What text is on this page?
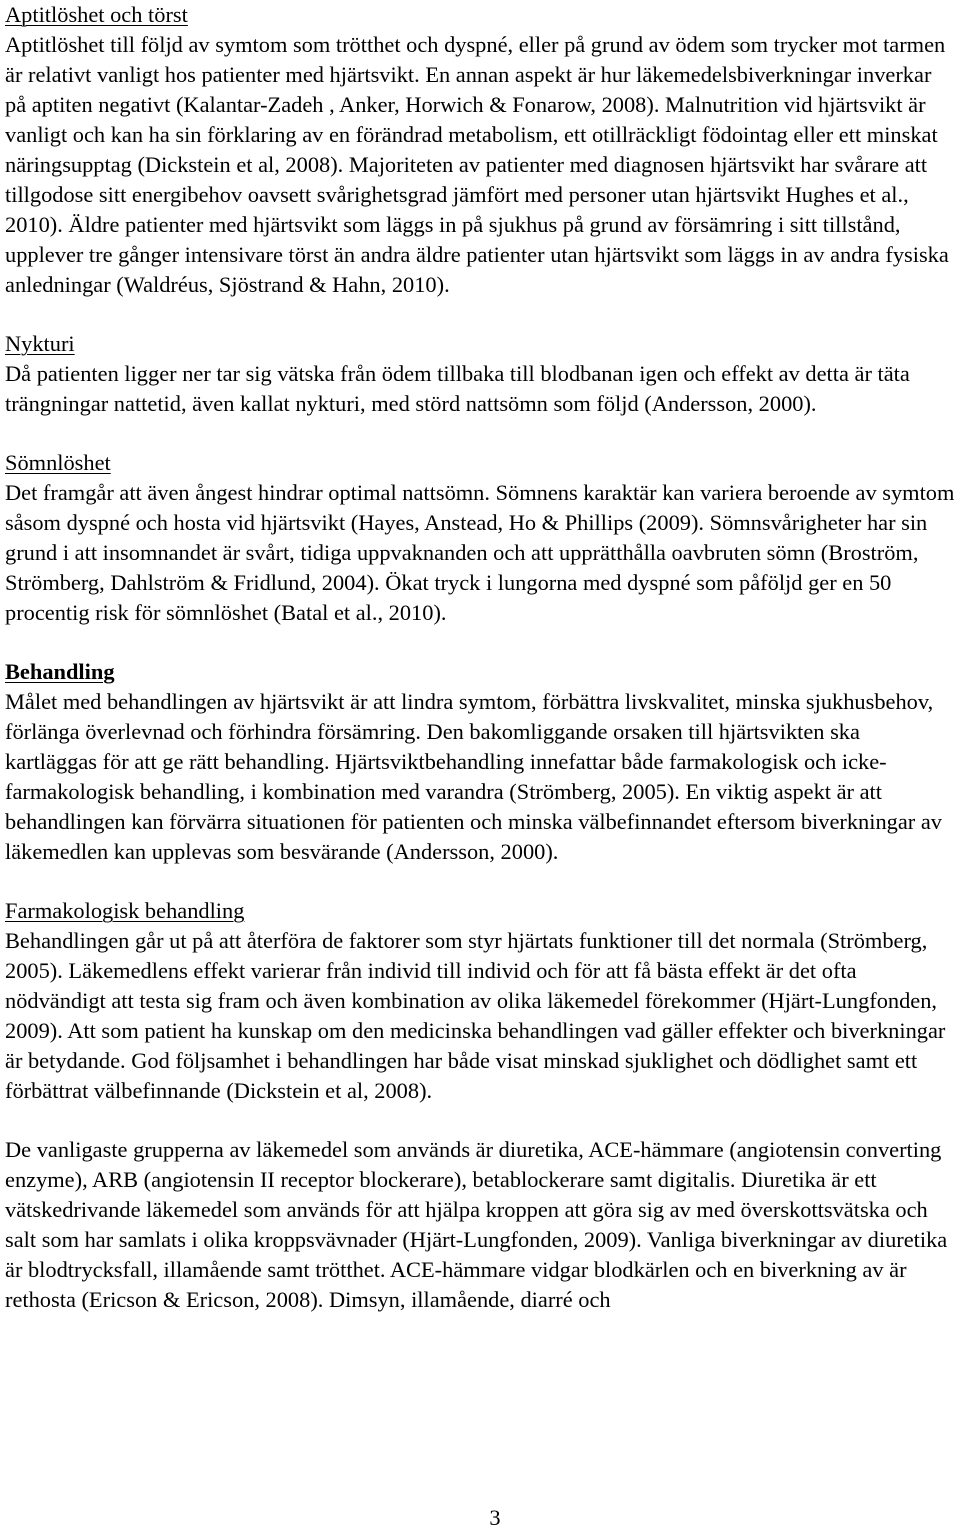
Aptitlöshet och törst

Aptitlöshet till följd av symtom som trötthet och dyspné, eller på grund av ödem som trycker mot tarmen är relativt vanligt hos patienter med hjärtsvikt. En annan aspekt är hur läkemedelsbiverkningar inverkar på aptiten negativt (Kalantar-Zadeh , Anker, Horwich & Fonarow, 2008). Malnutrition vid hjärtsvikt är vanligt och kan ha sin förklaring av en förändrad metabolism, ett otillräckligt födointag eller ett minskat näringsupptag (Dickstein et al, 2008). Majoriteten av patienter med diagnosen hjärtsvikt har svårare att tillgodose sitt energibehov oavsett svårighetsgrad jämfört med personer utan hjärtsvikt Hughes et al., 2010). Äldre patienter med hjärtsvikt som läggs in på sjukhus på grund av försämring i sitt tillstånd, upplever tre gånger intensivare törst än andra äldre patienter utan hjärtsvikt som läggs in av andra fysiska anledningar (Waldréus, Sjöstrand & Hahn, 2010).

Nykturi

Då patienten ligger ner tar sig vätska från ödem tillbaka till blodbanan igen och effekt av detta är täta trängningar nattetid, även kallat nykturi, med störd nattsömn som följd (Andersson, 2000).

Sömnlöshet

Det framgår att även ångest hindrar optimal nattsömn. Sömnens karaktär kan variera beroende av symtom såsom dyspné och hosta vid hjärtsvikt (Hayes, Anstead, Ho & Phillips (2009). Sömnsvårigheter har sin grund i att insomnandet är svårt, tidiga uppvaknanden och att upprätthålla oavbruten sömn (Broström, Strömberg, Dahlström & Fridlund, 2004). Ökat tryck i lungorna med dyspné som påföljd ger en 50 procentig risk för sömnlöshet (Batal et al., 2010).

Behandling

Målet med behandlingen av hjärtsvikt är att lindra symtom, förbättra livskvalitet, minska sjukhusbehov, förlänga överlevnad och förhindra försämring. Den bakomliggande orsaken till hjärtsvikten ska kartläggas för att ge rätt behandling. Hjärtsviktbehandling innefattar både farmakologisk och icke-farmakologisk behandling, i kombination med varandra (Strömberg, 2005). En viktig aspekt är att behandlingen kan förvärra situationen för patienten och minska välbefinnandet eftersom biverkningar av läkemedlen kan upplevas som besvärande (Andersson, 2000).

Farmakologisk behandling

Behandlingen går ut på att återföra de faktorer som styr hjärtats funktioner till det normala (Strömberg, 2005). Läkemedlens effekt varierar från individ till individ och för att få bästa effekt är det ofta nödvändigt att testa sig fram och även kombination av olika läkemedel förekommer (Hjärt-Lungfonden, 2009). Att som patient ha kunskap om den medicinska behandlingen vad gäller effekter och biverkningar är betydande. God följsamhet i behandlingen har både visat minskad sjuklighet och dödlighet samt ett förbättrat välbefinnande (Dickstein et al, 2008).

De vanligaste grupperna av läkemedel som används är diuretika, ACE-hämmare (angiotensin converting enzyme), ARB (angiotensin II receptor blockerare), betablockerare samt digitalis. Diuretika är ett vätskedrivande läkemedel som används för att hjälpa kroppen att göra sig av med överskottsvätska och salt som har samlats i olika kroppsvävnader (Hjärt-Lungfonden, 2009). Vanliga biverkningar av diuretika är blodtrycksfall, illamående samt trötthet. ACE-hämmare vidgar blodkärlen och en biverkning av är rethosta (Ericson & Ericson, 2008). Dimsyn, illamående, diarré och

3
